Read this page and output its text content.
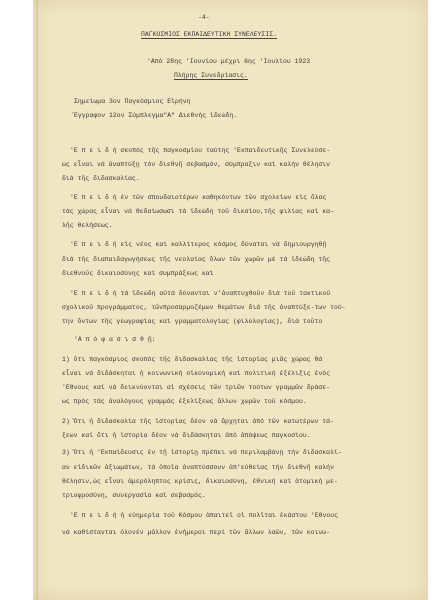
-4-
ΠΑΓΚΟΣΜΙΟΣ ΕΚΠΑΙΔΕΥΤΙΚΗ ΣΥΝΕΛΕΥΣΙΣ.
'Από 28ης 'Ιουνίου μέχρι 6ης 'Ιουλίου 1923
Πλήρης Συνεδρίασις.
Σημείωμα 3ον Παγκόσμιος Εἰρήνη
Ἔγγραφον 12ον Σύμπλεγμα"Α" Διεθνής ἰδεώδη.
'Ε π ε ι δ ή σκοπός τῆς παγκοσμίου ταύτης 'Εκπαιδευτικῆς Συνελεύσε-
ως εἶναι νά ἀναπτύξῃ τόν διεθνῆ σεβασμόν, σύμπραξιν καί καλήν θέλησιν
διά τῆς διδασκαλίας.
'Ε π ε ι δ ή ἐν τῶν σπουδαιοτέρων καθηκόντων τῶν σχολείων εἰς ὅλας
τάς χώρας εἶναι νά θεδαίωσωσι τά ἰδεώδη τοῦ δικαίου,τῆς φιλίας καί κα-
λῆς θελήσεως.
'Ε π ε ι δ ή εἰς νέος καί καλλίτερος κόσμος δύναται νά δημιουργηθῇ
διά τῆς διαπαιδαγωγήσεως τῆς νεολαίας ὅλων τῶν χωρῶν μέ τά ἰδεώδη τῆς
διεθνοῦς δικαιοσύνης καί συμπράξεως καί
'Ε π ε ι δ ή τά ἰδεώδη αὐτά δύνανται ν'ἀναπτυχθοῦν διά τοῦ τακτικοῦ
σχολικοῦ προγράμματος, τῶνπροσαρμοζέμων θεμάτων διά τῆς ἀναπτύξε-των τού-
την ὄντων τῆς γεωγραφίας καί γραμματολογίας (φιλολογίας), διά τοῦτο
'Α π ό φ α σ ι σ θ ῇ:
1) ὅτι παγκόσμιος σκοπός τῆς διδασκαλίας τῆς ἱστορίας μιᾶς χώρας θά
εἶναι νά διδάσκηται ἡ κοινωνική οἰκονομική καί πολιτική ἐξέλιξις ἑνός
'Εθνους καί νά δεικνύονται αἱ σχέσεις τῶν τριῶν τούτων γραμμῶν δράσε-
ως πρός τάς ἀναλόγους γραμμάς ἐξελίξεως ἄλλων χωρῶν τοῦ κόσμου.
2) Ὅτι ἡ διδασκαλία τῆς ἱστορίας δέον νά ἄρχηται ἀπό τῶν κατωτέρων τά-
ξεων καί ὅτι ἡ ἱστορία δέον νά διδάσκηται ἀπό ἀπόψεως παγκοσίου.
3) Ὅτι ἡ 'Εκπαίδευσις ἐν τῇ ἱστορίῃ πρέπει νά περιλαμβάνῃ τήν διδασκαλί-
αν εἰδικῶν ἀξιωμάτων, τά ὁποῖα ἀναπτύσσουν ἀπ'εὐθείας τήν διεθνῆ καλήν
θέλησιν,ὡς εἶναι ἀμερόληπτος κρίσις, δικαιοσύνη, ἐθνική καί ἀτομική με-
τριοφροσύνη, συνεργασία καί σεβασμός.
'Ε π ε ι δ ή ἡ εὐημερία τοῦ Κόσμου ἀπαιτεῖ οἱ πολῖται ἑκάστου 'Εθνους
νά καθίστανται ὁλονέν μᾶλλον ἐνήμεροι περί τῶν ἄλλων λαῶν, τῶν κοινω-
